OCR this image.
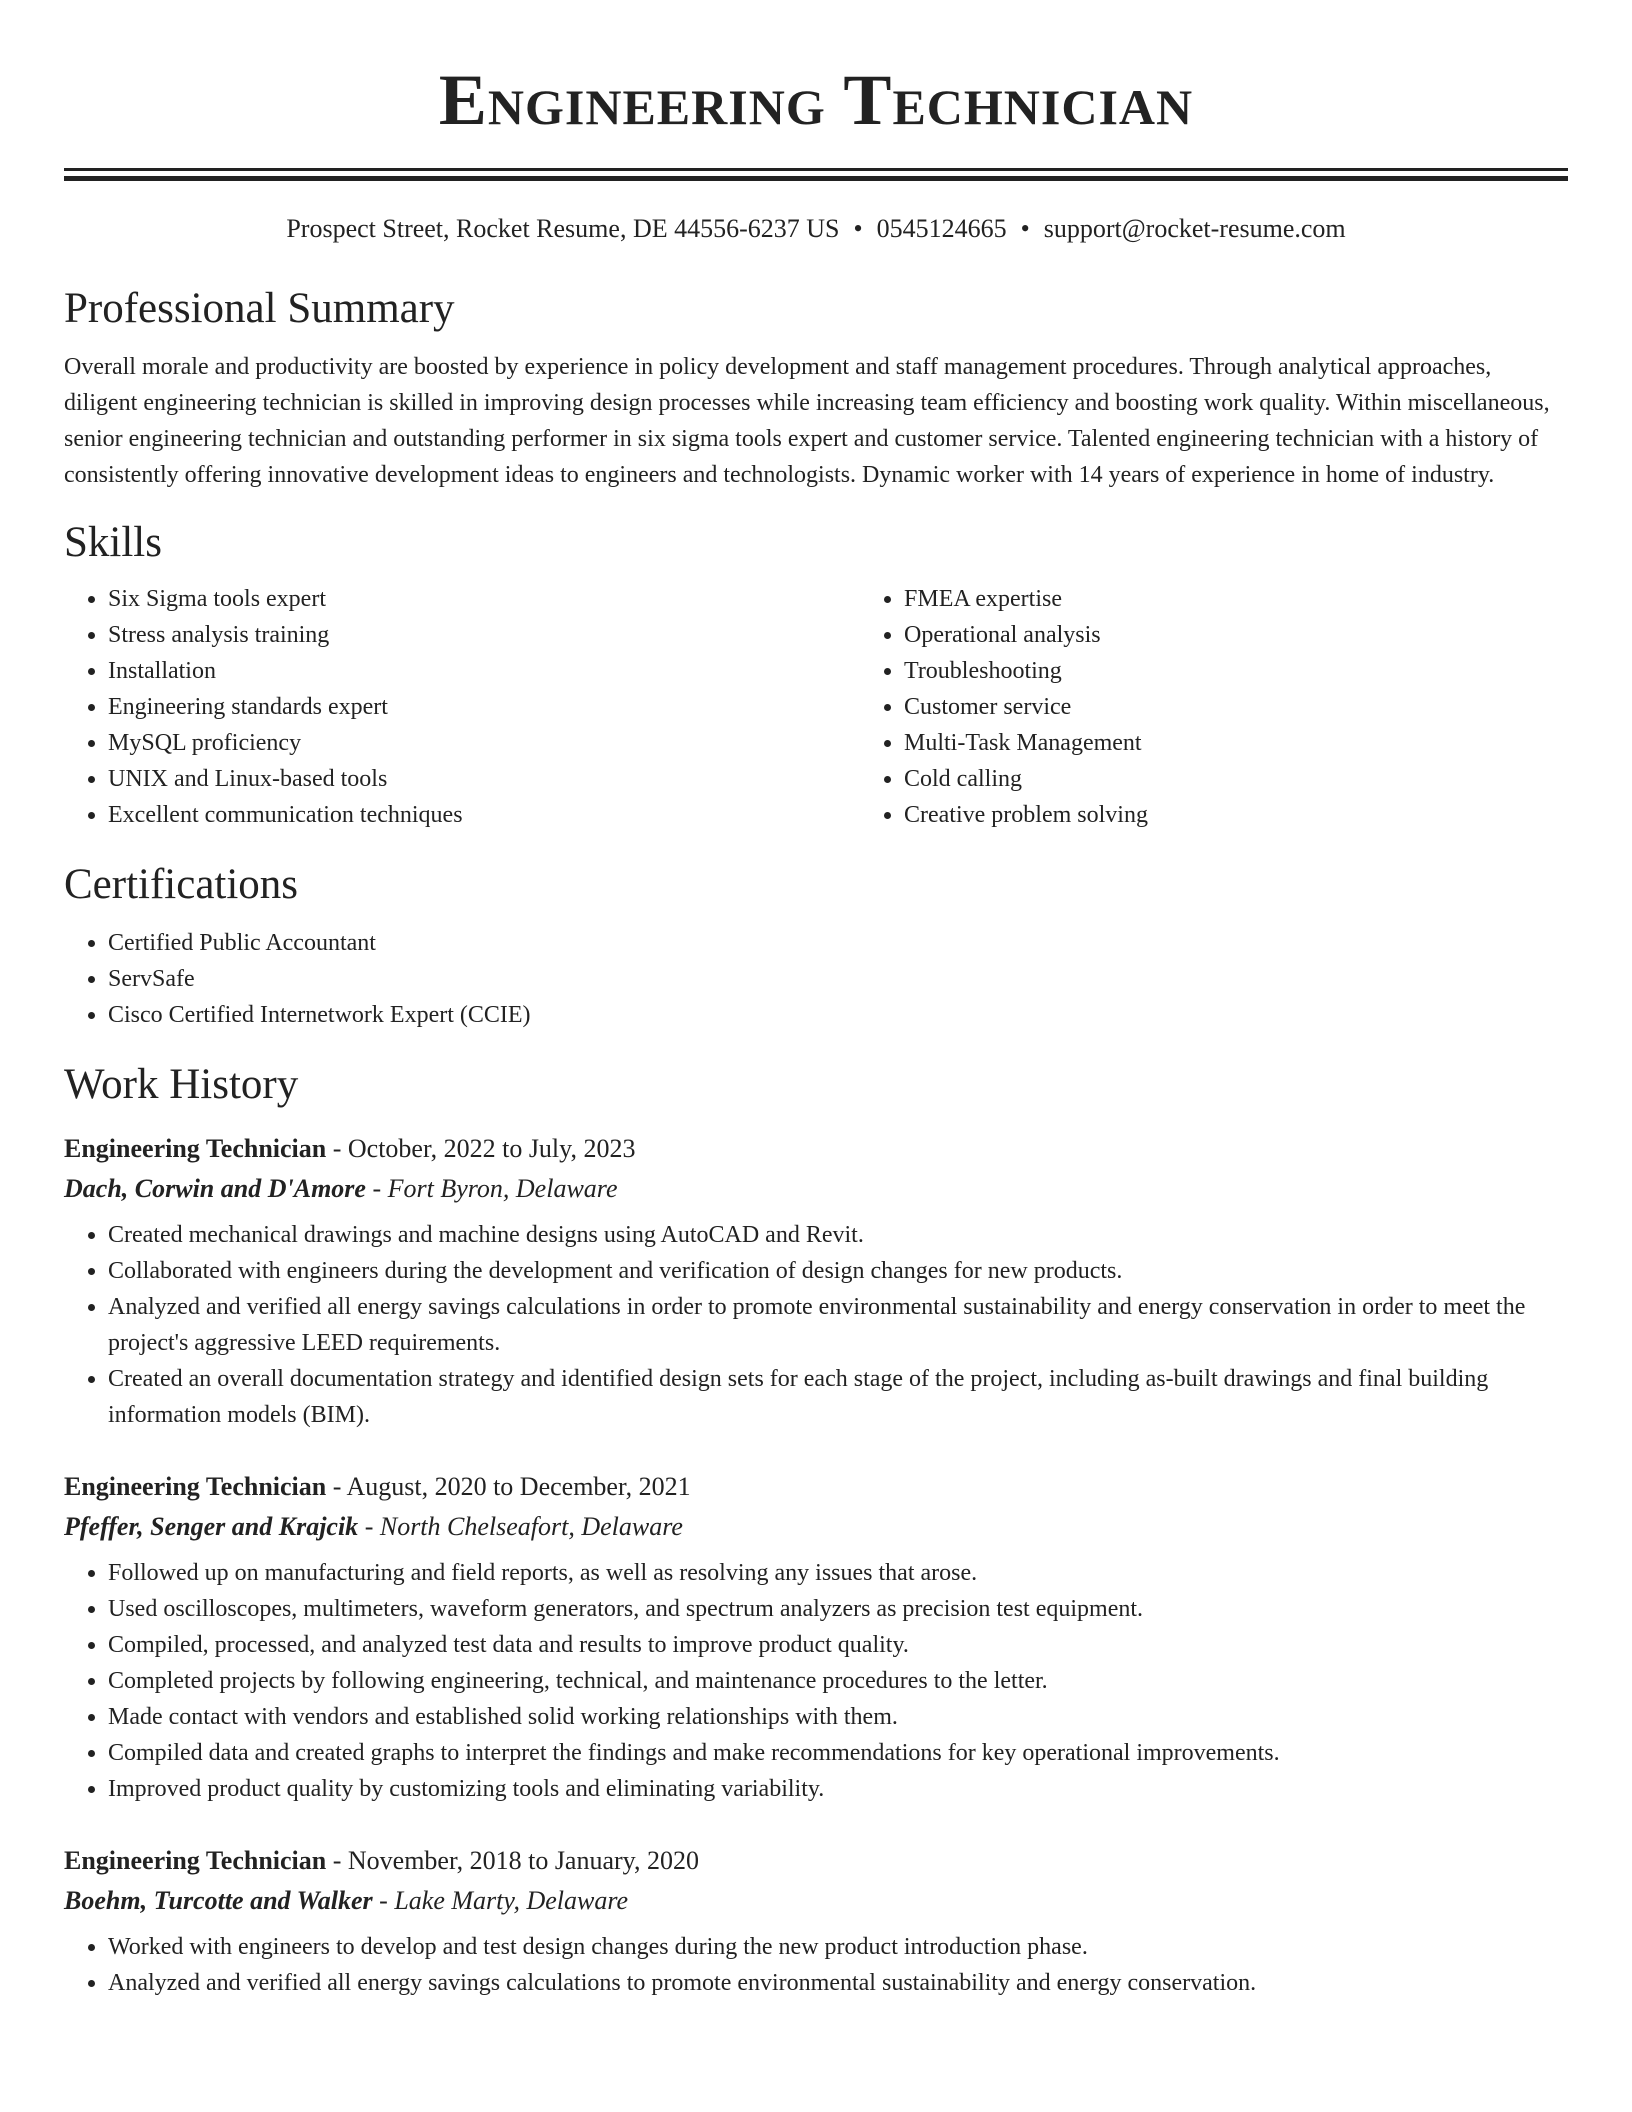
Engineering Technician
Prospect Street, Rocket Resume, DE 44556-6237 US • 0545124665 • support@rocket-resume.com
Professional Summary

Overall morale and productivity are boosted by experience in policy development and staff management procedures. Through analytical approaches, diligent engineering technician is skilled in improving design processes while increasing team efficiency and boosting work quality. Within miscellaneous, senior engineering technician and outstanding performer in six sigma tools expert and customer service. Talented engineering technician with a history of consistently offering innovative development ideas to engineers and technologists. Dynamic worker with 14 years of experience in home of industry.

Skills
• Six Sigma tools expert
• Stress analysis training
• Installation
• Engineering standards expert
• MySQL proficiency
• UNIX and Linux-based tools
• Excellent communication techniques
• FMEA expertise
• Operational analysis
• Troubleshooting
• Customer service
• Multi-Task Management
• Cold calling
• Creative problem solving
Certifications
• Certified Public Accountant
• ServSafe
• Cisco Certified Internetwork Expert (CCIE)
Work History
Engineering Technician - October, 2022 to July, 2023
Dach, Corwin and D'Amore - Fort Byron, Delaware
• Created mechanical drawings and machine designs using AutoCAD and Revit.
• Collaborated with engineers during the development and verification of design changes for new products.
• Analyzed and verified all energy savings calculations in order to promote environmental sustainability and energy conservation in order to meet the project's aggressive LEED requirements.
• Created an overall documentation strategy and identified design sets for each stage of the project, including as-built drawings and final building information models (BIM).
Engineering Technician - August, 2020 to December, 2021
Pfeffer, Senger and Krajcik - North Chelseafort, Delaware
• Followed up on manufacturing and field reports, as well as resolving any issues that arose.
• Used oscilloscopes, multimeters, waveform generators, and spectrum analyzers as precision test equipment.
• Compiled, processed, and analyzed test data and results to improve product quality.
• Completed projects by following engineering, technical, and maintenance procedures to the letter.
• Made contact with vendors and established solid working relationships with them.
• Compiled data and created graphs to interpret the findings and make recommendations for key operational improvements.
• Improved product quality by customizing tools and eliminating variability.
Engineering Technician - November, 2018 to January, 2020
Boehm, Turcotte and Walker - Lake Marty, Delaware
• Worked with engineers to develop and test design changes during the new product introduction phase.
• Analyzed and verified all energy savings calculations to promote environmental sustainability and energy conservation.
